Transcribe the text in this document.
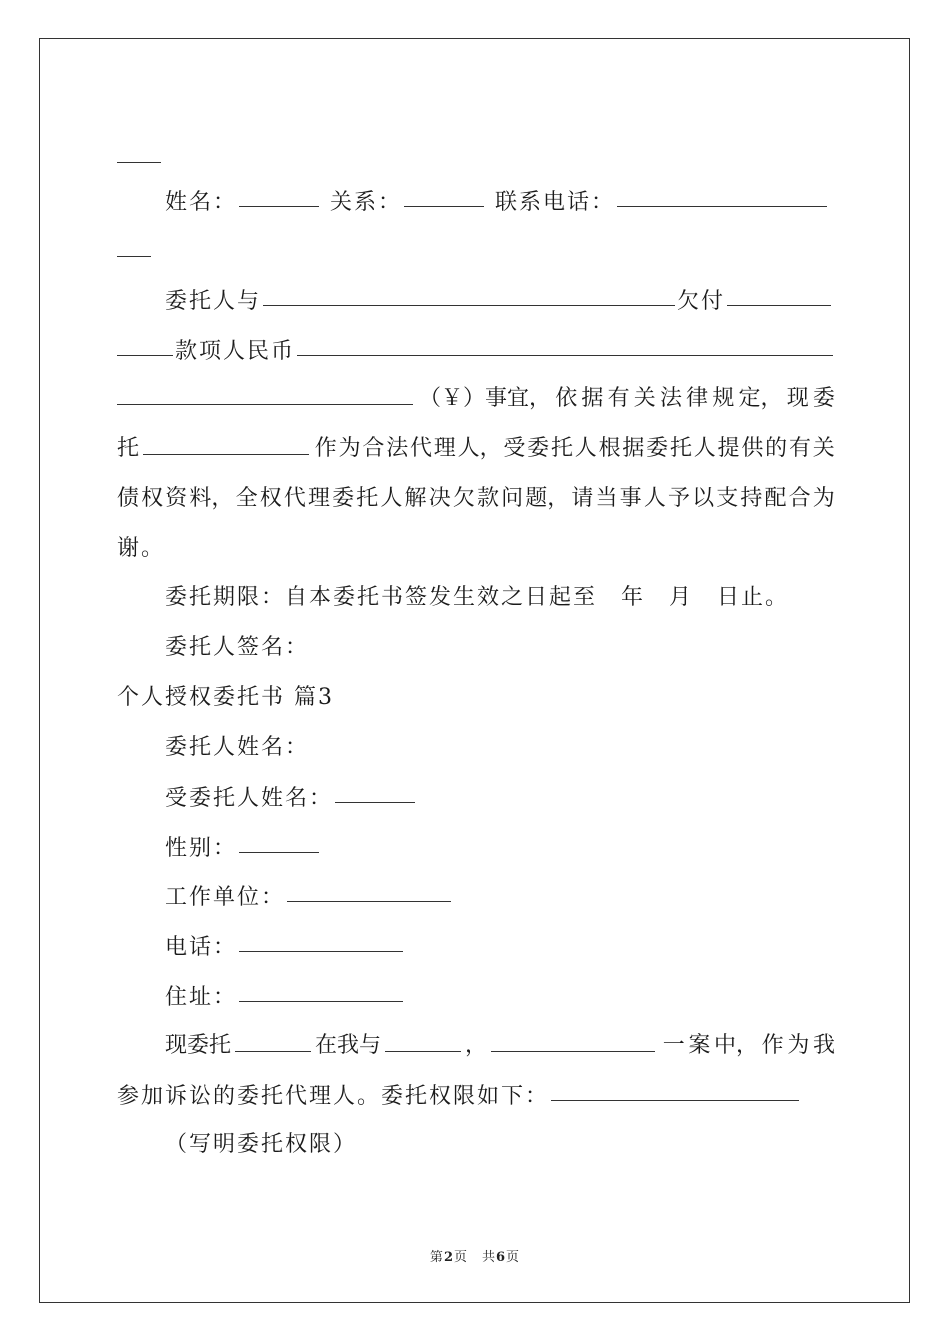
姓名：	关系：	联系电话：
委托人与	欠付
款项人民币
（￥）事宜， 依 据 有 关 法 律 规 定， 现 委
托	作 为 合 法 代 理 人， 受 委 托 人 根 据 委 托 人 提 供 的 有 关
债 权 资 料， 全 权 代 理 委 托 人 解 决 欠 款 问 题， 请 当 事 人 予 以 支 持 配 合 为
谢。
委托期限：自本委托书签发生效之日起至　年　月　日止。
委托人签名：
个人授权委托书 篇3
委托人姓名：
受委托人姓名：
性别：
工作单位：
电话：
住址：
现委托	在我与	，	一 案 中， 作 为 我
参加诉讼的委托代理人。委托权限如下：
（写明委托权限）
第2页　共6页
